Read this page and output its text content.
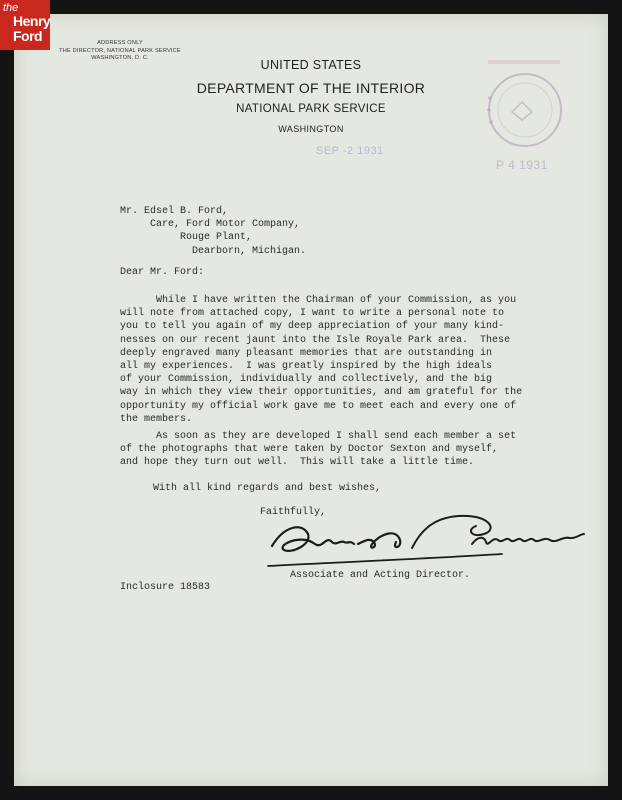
the
Henry
Ford	ADDRESS ONLY
THE DIRECTOR, NATIONAL PARK SERVICE
WASHINGTON, D. C.	UNITED STATES
DEPARTMENT OF THE INTERIOR
NATIONAL PARK SERVICE
WASHINGTON
SEP -2 1931
P 4 1931
Mr. Edsel B. Ford,
Care, Ford Motor Company,
Rouge Plant,
Dearborn, Michigan.
Dear Mr. Ford:
While I have written the Chairman of your Commission, as you
will note from attached copy, I want to write a personal note to
you to tell you again of my deep appreciation of your many kind-
nesses on our recent jaunt into the Isle Royale Park area.  These
deeply engraved many pleasant memories that are outstanding in
all my experiences.  I was greatly inspired by the high ideals
of your Commission, individually and collectively, and the big
way in which they view their opportunities, and am grateful for the
opportunity my official work gave me to meet each and every one of
the members.
As soon as they are developed I shall send each member a set
of the photographs that were taken by Doctor Sexton and myself,
and hope they turn out well.  This will take a little time.
With all kind regards and best wishes,
Faithfully,
Associate and Acting Director.
Inclosure 18583
